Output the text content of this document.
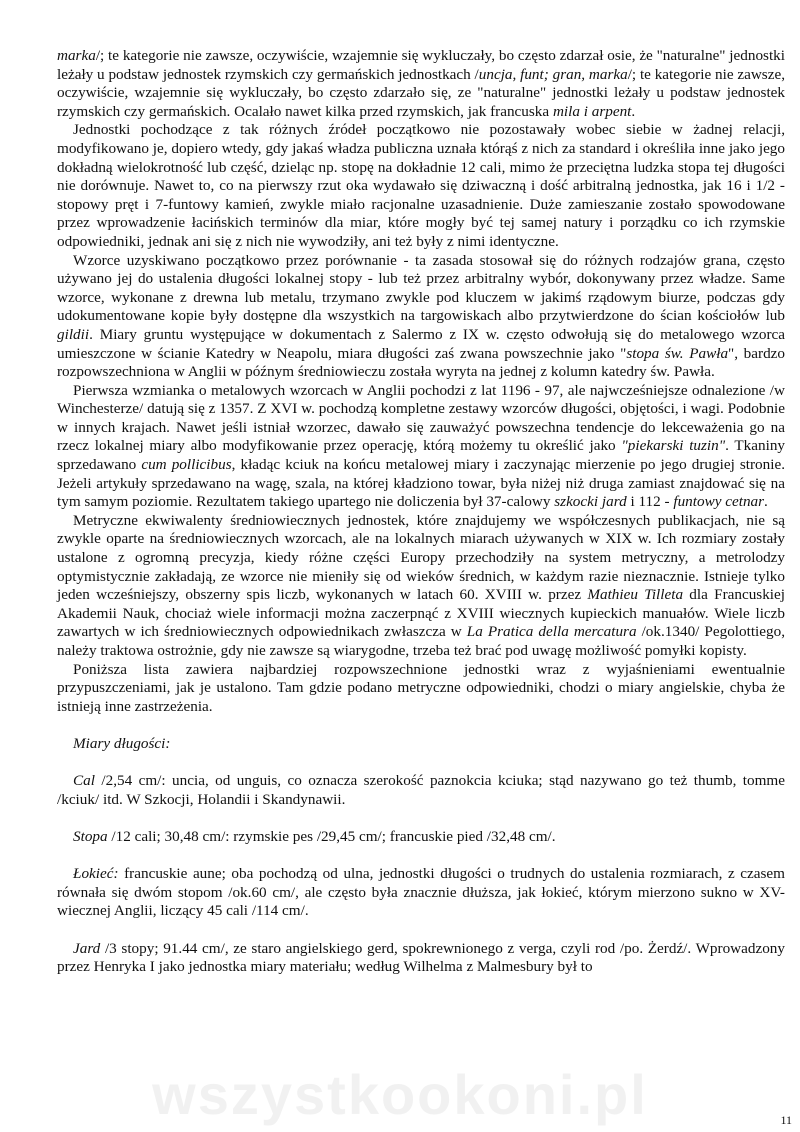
marka/; te kategorie nie zawsze, oczywiście, wzajemnie się wykluczały, bo często zdarzał osie, że "naturalne" jednostki leżały u podstaw jednostek rzymskich czy germańskich jednostkach /uncja, funt; gran, marka/; te kategorie nie zawsze, oczywiście, wzajemnie się wykluczały, bo często zdarzało się, ze "naturalne" jednostki leżały u podstaw jednostek rzymskich czy germańskich. Ocalało nawet kilka przed rzymskich, jak francuska mila i arpent.

Jednostki pochodzące z tak różnych źródeł początkowo nie pozostawały wobec siebie w żadnej relacji, modyfikowano je, dopiero wtedy, gdy jakaś władza publiczna uznała którąś z nich za standard i określiła inne jako jego dokładną wielokrotność lub część, dzieląc np. stopę na dokładnie 12 cali, mimo że przeciętna ludzka stopa tej długości nie dorównuje. Nawet to, co na pierwszy rzut oka wydawało się dziwaczną i dość arbitralną jednostka, jak 16 i 1/2 - stopowy pręt i 7-funtowy kamień, zwykle miało racjonalne uzasadnienie. Duże zamieszanie zostało spowodowane przez wprowadzenie łacińskich terminów dla miar, które mogły być tej samej natury i porządku co ich rzymskie odpowiedniki, jednak ani się z nich nie wywodziły, ani też były z nimi identyczne.

Wzorce uzyskiwano początkowo przez porównanie - ta zasada stosował się do różnych rodzajów grana, często używano jej do ustalenia długości lokalnej stopy - lub też przez arbitralny wybór, dokonywany przez władze. Same wzorce, wykonane z drewna lub metalu, trzymano zwykle pod kluczem w jakimś rządowym biurze, podczas gdy udokumentowane kopie były dostępne dla wszystkich na targowiskach albo przytwierdzone do ścian kościołów lub gildii. Miary gruntu występujące w dokumentach z Salermo z IX w. często odwołują się do metalowego wzorca umieszczone w ścianie Katedry w Neapolu, miara długości zaś zwana powszechnie jako "stopa św. Pawła", bardzo rozpowszechniona w Anglii w późnym średniowieczu została wyryta na jednej z kolumn katedry św. Pawła.

Pierwsza wzmianka o metalowych wzorcach w Anglii pochodzi z lat 1196 - 97, ale najwcześniejsze odnalezione /w Winchesterze/ datują się z 1357. Z XVI w. pochodzą kompletne zestawy wzorców długości, objętości, i wagi. Podobnie w innych krajach. Nawet jeśli istniał wzorzec, dawało się zauważyć powszechna tendencje do lekceważenia go na rzecz lokalnej miary albo modyfikowanie przez operację, którą możemy tu określić jako "piekarski tuzin". Tkaniny sprzedawano cum pollicibus, kładąc kciuk na końcu metalowej miary i zaczynając mierzenie po jego drugiej stronie. Jeżeli artykuły sprzedawano na wagę, szala, na której kładziono towar, była niżej niż druga zamiast znajdować się na tym samym poziomie. Rezultatem takiego upartego nie doliczenia był 37-calowy szkocki jard i 112 - funtowy cetnar.

Metryczne ekwiwalenty średniowiecznych jednostek, które znajdujemy we współczesnych publikacjach, nie są zwykle oparte na średniowiecznych wzorcach, ale na lokalnych miarach używanych w XIX w. Ich rozmiary zostały ustalone z ogromną precyzja, kiedy różne części Europy przechodziły na system metryczny, a metrolodzy optymistycznie zakładają, ze wzorce nie mieniły się od wieków średnich, w każdym razie nieznacznie. Istnieje tylko jeden wcześniejszy, obszerny spis liczb, wykonanych w latach 60. XVIII w. przez Mathieu Tilleta dla Francuskiej Akademii Nauk, chociaż wiele informacji można zaczerpnąć z XVIII wiecznych kupieckich manuałów. Wiele liczb zawartych w ich średniowiecznych odpowiednikach zwłaszcza w La Pratica della mercatura /ok.1340/ Pegolottiego, należy traktowa ostrożnie, gdy nie zawsze są wiarygodne, trzeba też brać pod uwagę możliwość pomyłki kopisty.

Poniższa lista zawiera najbardziej rozpowszechnione jednostki wraz z wyjaśnieniami ewentualnie przypuszczeniami, jak je ustalono. Tam gdzie podano metryczne odpowiedniki, chodzi o miary angielskie, chyba że istnieją inne zastrzeżenia.

Miary długości:

Cal /2,54 cm/: uncia, od unguis, co oznacza szerokość paznokcia kciuka; stąd nazywano go też thumb, tomme /kciuk/ itd. W Szkocji, Holandii i Skandynawii.

Stopa /12 cali; 30,48 cm/: rzymskie pes /29,45 cm/; francuskie pied /32,48 cm/.

Łokieć: francuskie aune; oba pochodzą od ulna, jednostki długości o trudnych do ustalenia rozmiarach, z czasem równała się dwóm stopom /ok.60 cm/, ale często była znacznie dłuższa, jak łokieć, którym mierzono sukno w XV-wiecznej Anglii, liczący 45 cali /114 cm/.

Jard /3 stopy; 91.44 cm/, ze staro angielskiego gerd, spokrewnionego z verga, czyli rod /po. Żerdź/. Wprowadzony przez Henryka I jako jednostka miary materiału; według Wilhelma z Malmesbury był to

wszystkookoni.pl	11
